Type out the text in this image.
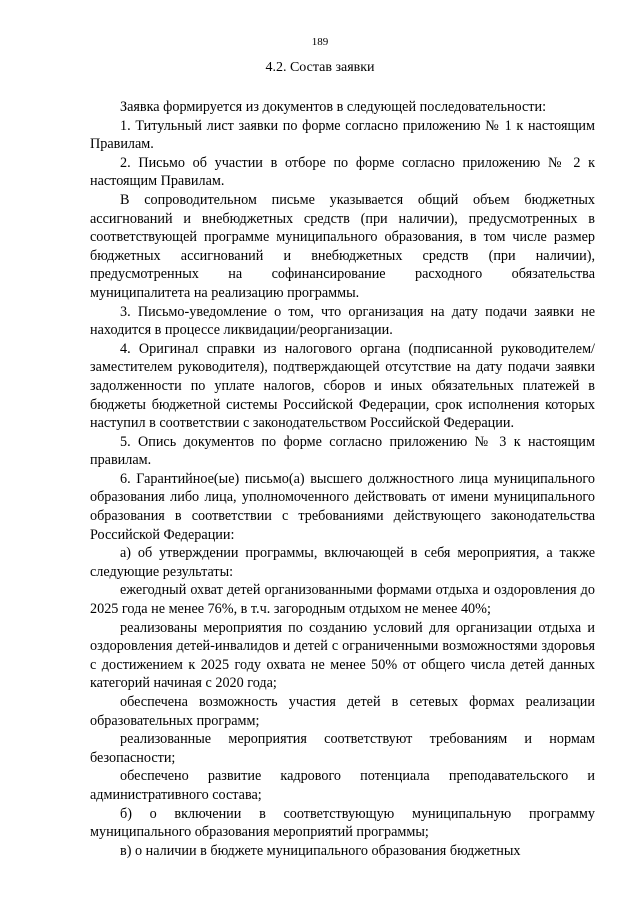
189
4.2. Состав заявки

Заявка формируется из документов в следующей последовательности:

1. Титульный лист заявки по форме согласно приложению № 1 к настоящим Правилам.

2. Письмо об участии в отборе по форме согласно приложению № 2 к настоящим Правилам.

В сопроводительном письме указывается общий объем бюджетных ассигнований и внебюджетных средств (при наличии), предусмотренных в соответствующей программе муниципального образования, в том числе размер бюджетных ассигнований и внебюджетных средств (при наличии), предусмотренных на софинансирование расходного обязательства муниципалитета на реализацию программы.

3. Письмо-уведомление о том, что организация на дату подачи заявки не находится в процессе ликвидации/реорганизации.

4. Оригинал справки из налогового органа (подписанной руководителем/заместителем руководителя), подтверждающей отсутствие на дату подачи заявки задолженности по уплате налогов, сборов и иных обязательных платежей в бюджеты бюджетной системы Российской Федерации, срок исполнения которых наступил в соответствии с законодательством Российской Федерации.

5. Опись документов по форме согласно приложению № 3 к настоящим правилам.

6. Гарантийное(ые) письмо(а) высшего должностного лица муниципального образования либо лица, уполномоченного действовать от имени муниципального образования в соответствии с требованиями действующего законодательства Российской Федерации:

а) об утверждении программы, включающей в себя мероприятия, а также следующие результаты:

ежегодный охват детей организованными формами отдыха и оздоровления до 2025 года не менее 76%, в т.ч. загородным отдыхом не менее 40%;

реализованы мероприятия по созданию условий для организации отдыха и оздоровления детей-инвалидов и детей с ограниченными возможностями здоровья с достижением к 2025 году охвата не менее 50% от общего числа детей данных категорий начиная с 2020 года;

обеспечена возможность участия детей в сетевых формах реализации образовательных программ;

реализованные мероприятия соответствуют требованиям и нормам безопасности;

обеспечено развитие кадрового потенциала преподавательского и административного состава;

б) о включении в соответствующую муниципальную программу муниципального образования мероприятий программы;

в) о наличии в бюджете муниципального образования бюджетных
